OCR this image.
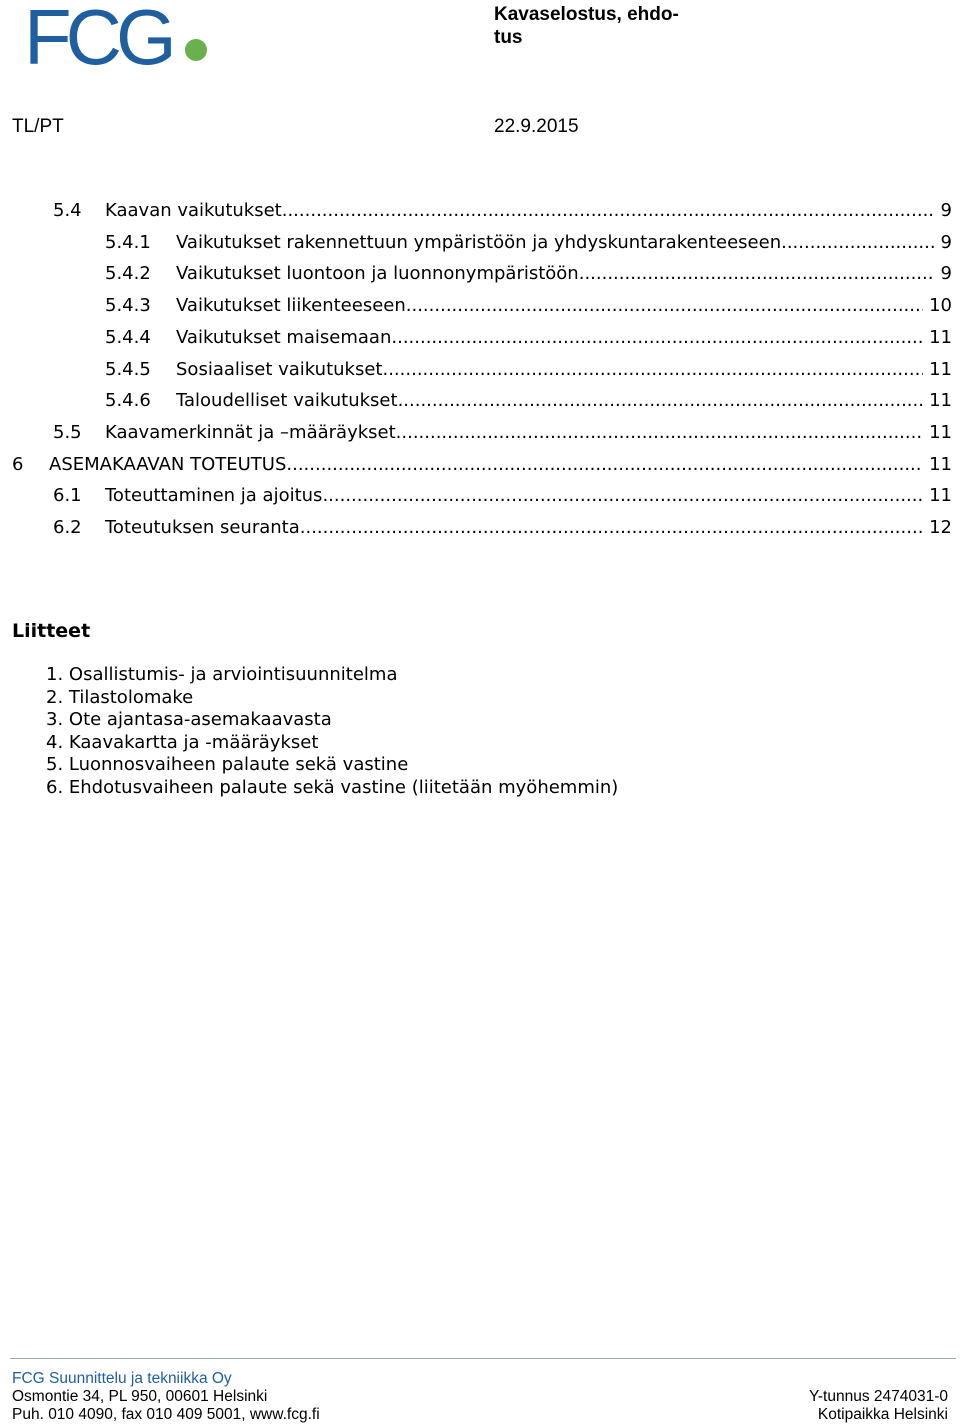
FCG	Kavaselostus, ehdo-
tus
TL/PT	22.9.2015
5.4	Kaavan vaikutukset .....	9
5.4.1	Vaikutukset rakennettuun ympäristöön ja yhdyskuntarakenteeseen .....	9
5.4.2	Vaikutukset luontoon ja luonnonympäristöön .....	9
5.4.3	Vaikutukset liikenteeseen .....	10
5.4.4	Vaikutukset maisemaan .....	11
5.4.5	Sosiaaliset vaikutukset .....	11
5.4.6	Taloudelliset vaikutukset .....	11
5.5	Kaavamerkinnät ja –määräykset .....	11
6	ASEMAKAAVAN TOTEUTUS .....	11
6.1	Toteuttaminen ja ajoitus .....	11
6.2	Toteutuksen seuranta .....	12
Liitteet
1. Osallistumis- ja arviointisuunnitelma
2. Tilastolomake
3. Ote ajantasa-asemakaavasta
4. Kaavakartta ja -määräykset
5. Luonnosvaiheen palaute sekä vastine
6. Ehdotusvaiheen palaute sekä vastine (liitetään myöhemmin)
FCG Suunnittelu ja tekniikka Oy
Osmontie 34, PL 950, 00601 Helsinki
Puh. 010 4090, fax 010 409 5001, www.fcg.fi
Y-tunnus 2474031-0
Kotipaikka Helsinki
